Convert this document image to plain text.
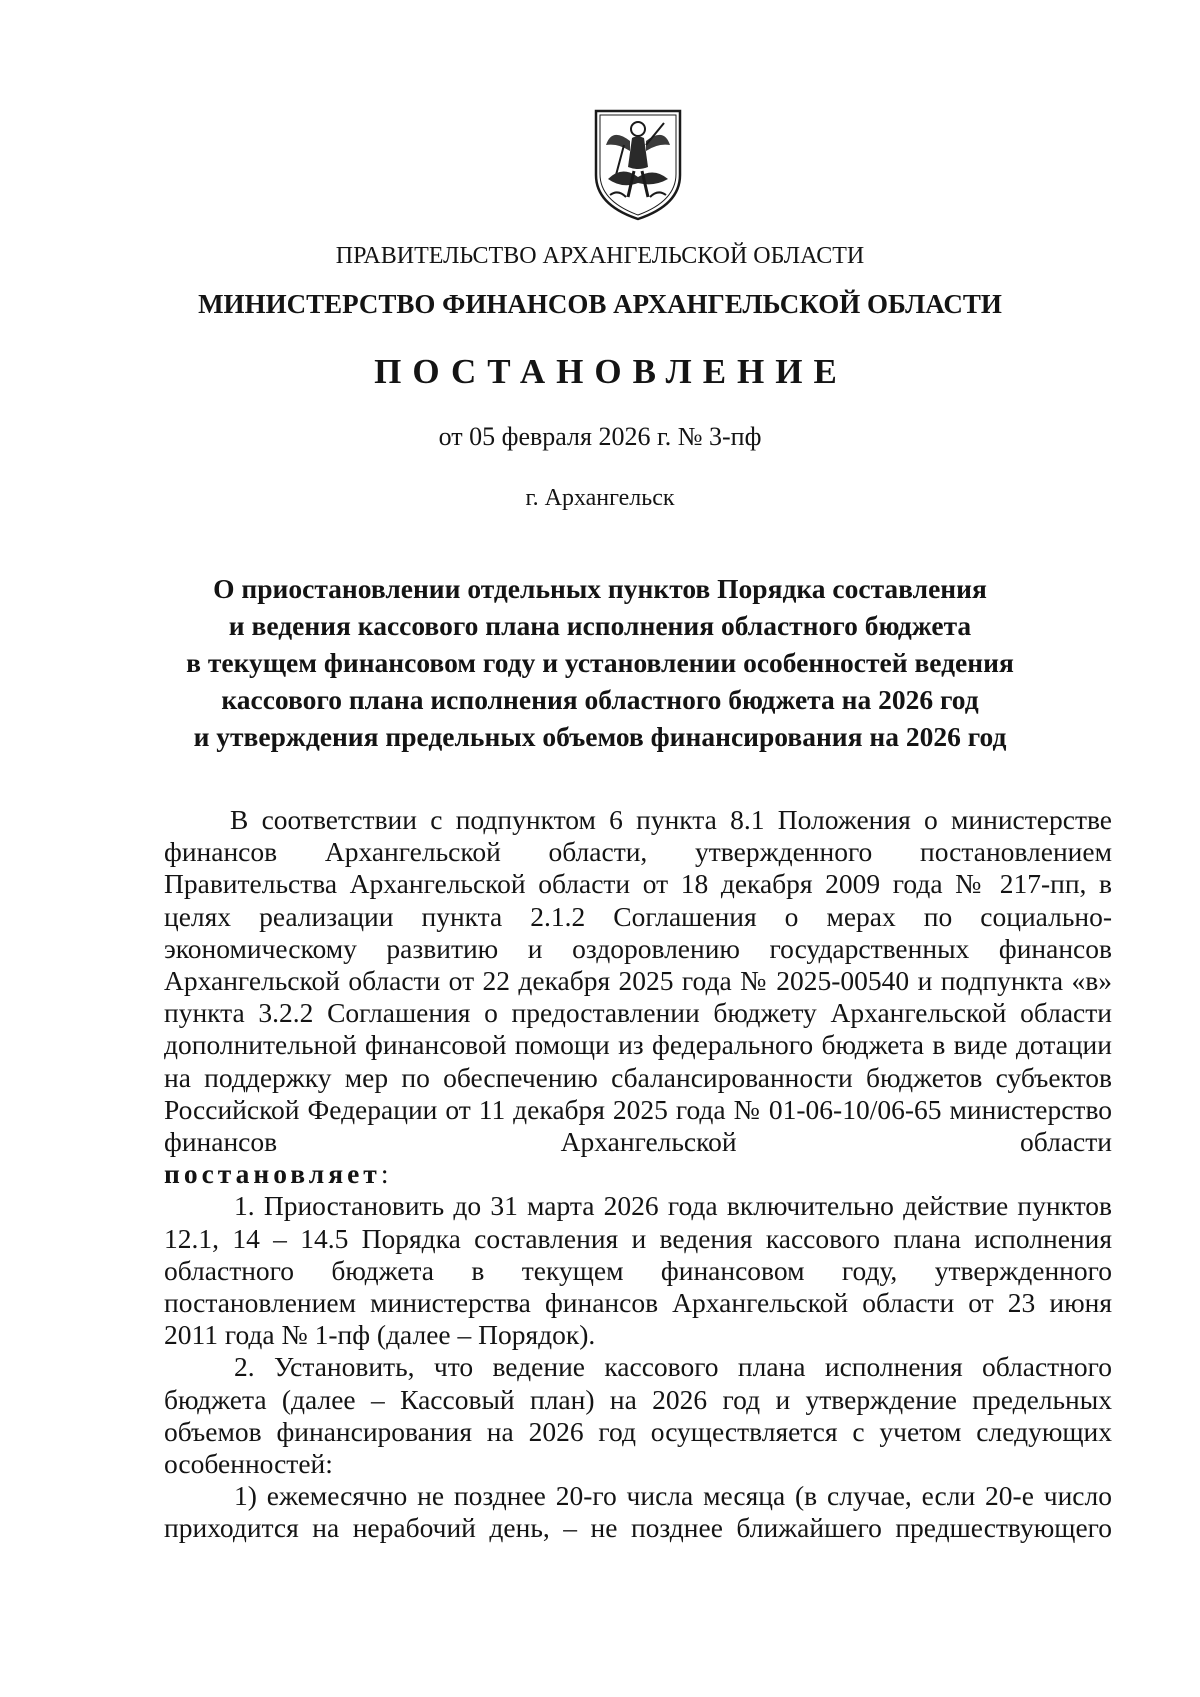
ПРАВИТЕЛЬСТВО АРХАНГЕЛЬСКОЙ ОБЛАСТИ
МИНИСТЕРСТВО ФИНАНСОВ АРХАНГЕЛЬСКОЙ ОБЛАСТИ
ПОСТАНОВЛЕНИЕ
от 05 февраля 2026 г. № 3-пф
г. Архангельск
О приостановлении отдельных пунктов Порядка составления
и ведения кассового плана исполнения областного бюджета
в текущем финансовом году и установлении особенностей ведения
кассового плана исполнения областного бюджета на 2026 год
и утверждения предельных объемов финансирования на 2026 год

В соответствии с подпунктом 6 пункта 8.1 Положения о министерстве финансов Архангельской области, утвержденного постановлением Правительства Архангельской области от 18 декабря 2009 года № 217-пп, в целях реализации пункта 2.1.2 Соглашения о мерах по социально-экономическому развитию и оздоровлению государственных финансов Архангельской области от 22 декабря 2025 года № 2025-00540 и подпункта «в» пункта 3.2.2 Соглашения о предоставлении бюджету Архангельской области дополнительной финансовой помощи из федерального бюджета в виде дотации на поддержку мер по обеспечению сбалансированности бюджетов субъектов Российской Федерации от 11 декабря 2025 года № 01-06-10/06-65 министерство финансов Архангельской области

постановляет:

1. Приостановить до 31 марта 2026 года включительно действие пунктов 12.1, 14 – 14.5 Порядка составления и ведения кассового плана исполнения областного бюджета в текущем финансовом году, утвержденного постановлением министерства финансов Архангельской области от 23 июня 2011 года № 1-пф (далее – Порядок).

2. Установить, что ведение кассового плана исполнения областного бюджета (далее – Кассовый план) на 2026 год и утверждение предельных объемов финансирования на 2026 год осуществляется с учетом следующих особенностей:

1) ежемесячно не позднее 20-го числа месяца (в случае, если 20-е число приходится на нерабочий день, – не позднее ближайшего предшествующего
